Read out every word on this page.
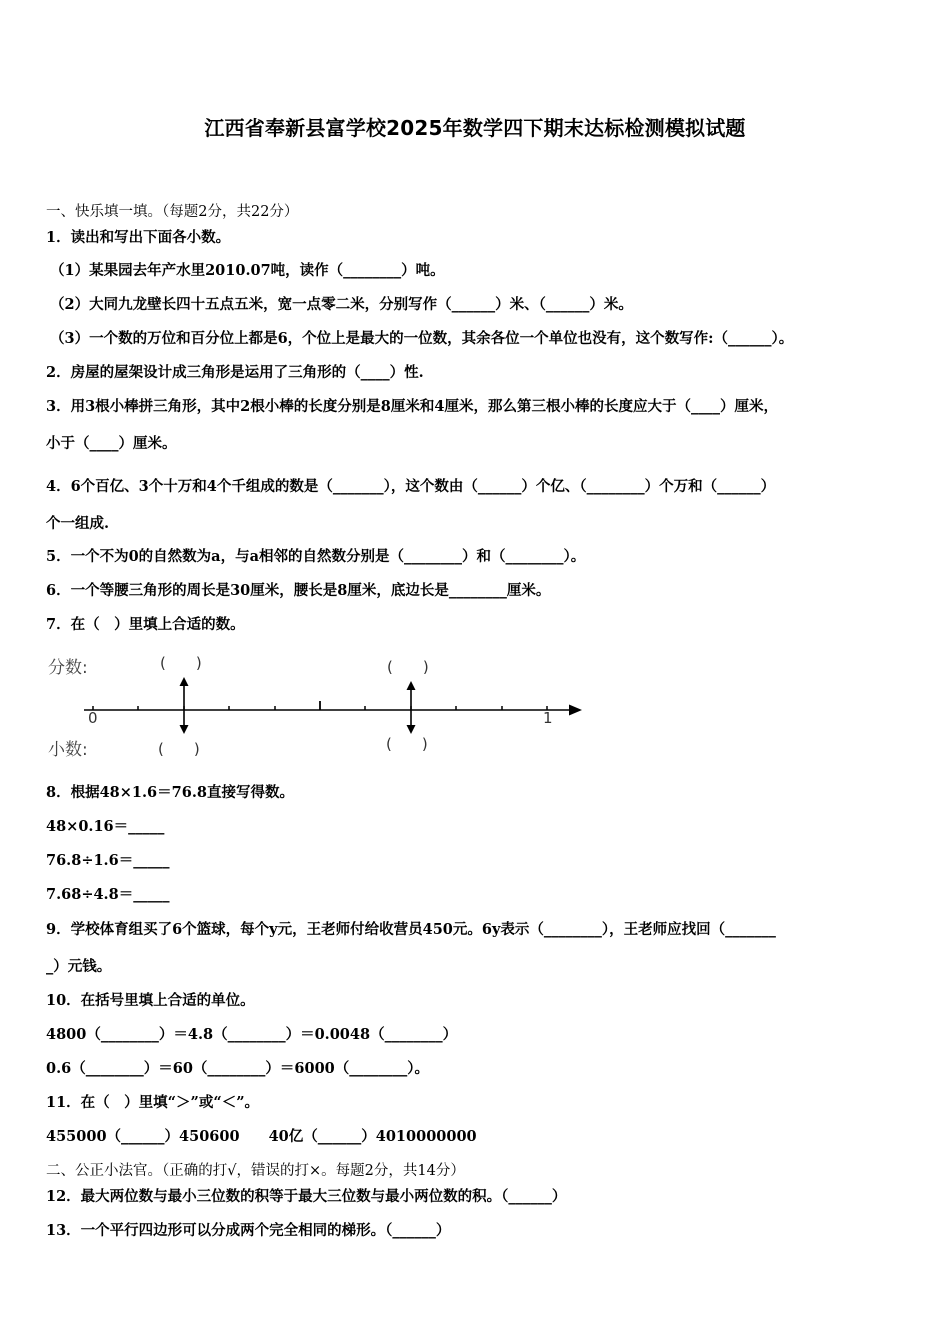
江西省奉新县富学校2025年数学四下期末达标检测模拟试题
一、快乐填一填。（每题2分，共22分）
1．读出和写出下面各小数。
（1）某果园去年产水里2010.07吨，读作（________）吨。
（2）大同九龙壁长四十五点五米，宽一点零二米，分别写作（______）米、（______）米。
（3）一个数的万位和百分位上都是6，个位上是最大的一位数，其余各位一个单位也没有，这个数写作:（______）。
2．房屋的屋架设计成三角形是运用了三角形的（____）性.
3．用3根小棒拼三角形，其中2根小棒的长度分别是8厘米和4厘米，那么第三根小棒的长度应大于（____）厘米，
小于（____）厘米。
4．6个百亿、3个十万和4个千组成的数是（_______），这个数由（______）个亿、（________）个万和（______）
个一组成.
5．一个不为0的自然数为a，与a相邻的自然数分别是（________）和（________）。
6．一个等腰三角形的周长是30厘米，腰长是8厘米，底边长是________厘米。
7．在（　）里填上合适的数。
分数:	(　　)	(　　)
0	1
小数:	(　　)	(　　)
8．根据48×1.6＝76.8直接写得数。
48×0.16＝_____
76.8÷1.6＝_____
7.68÷4.8＝_____
9．学校体育组买了6个篮球，每个y元，王老师付给收营员450元。6y表示（________），王老师应找回（_______
_）元钱。
10．在括号里填上合适的单位。
4800（________）＝4.8（________）＝0.0048（________）
0.6（________）＝60（________）＝6000（________）。
11．在（　）里填“＞”或“＜”。
455000（______）450600　　40亿（______）4010000000
二、公正小法官。（正确的打√，错误的打×。每题2分，共14分）
12．最大两位数与最小三位数的积等于最大三位数与最小两位数的积。（______）
13．一个平行四边形可以分成两个完全相同的梯形。（______）
